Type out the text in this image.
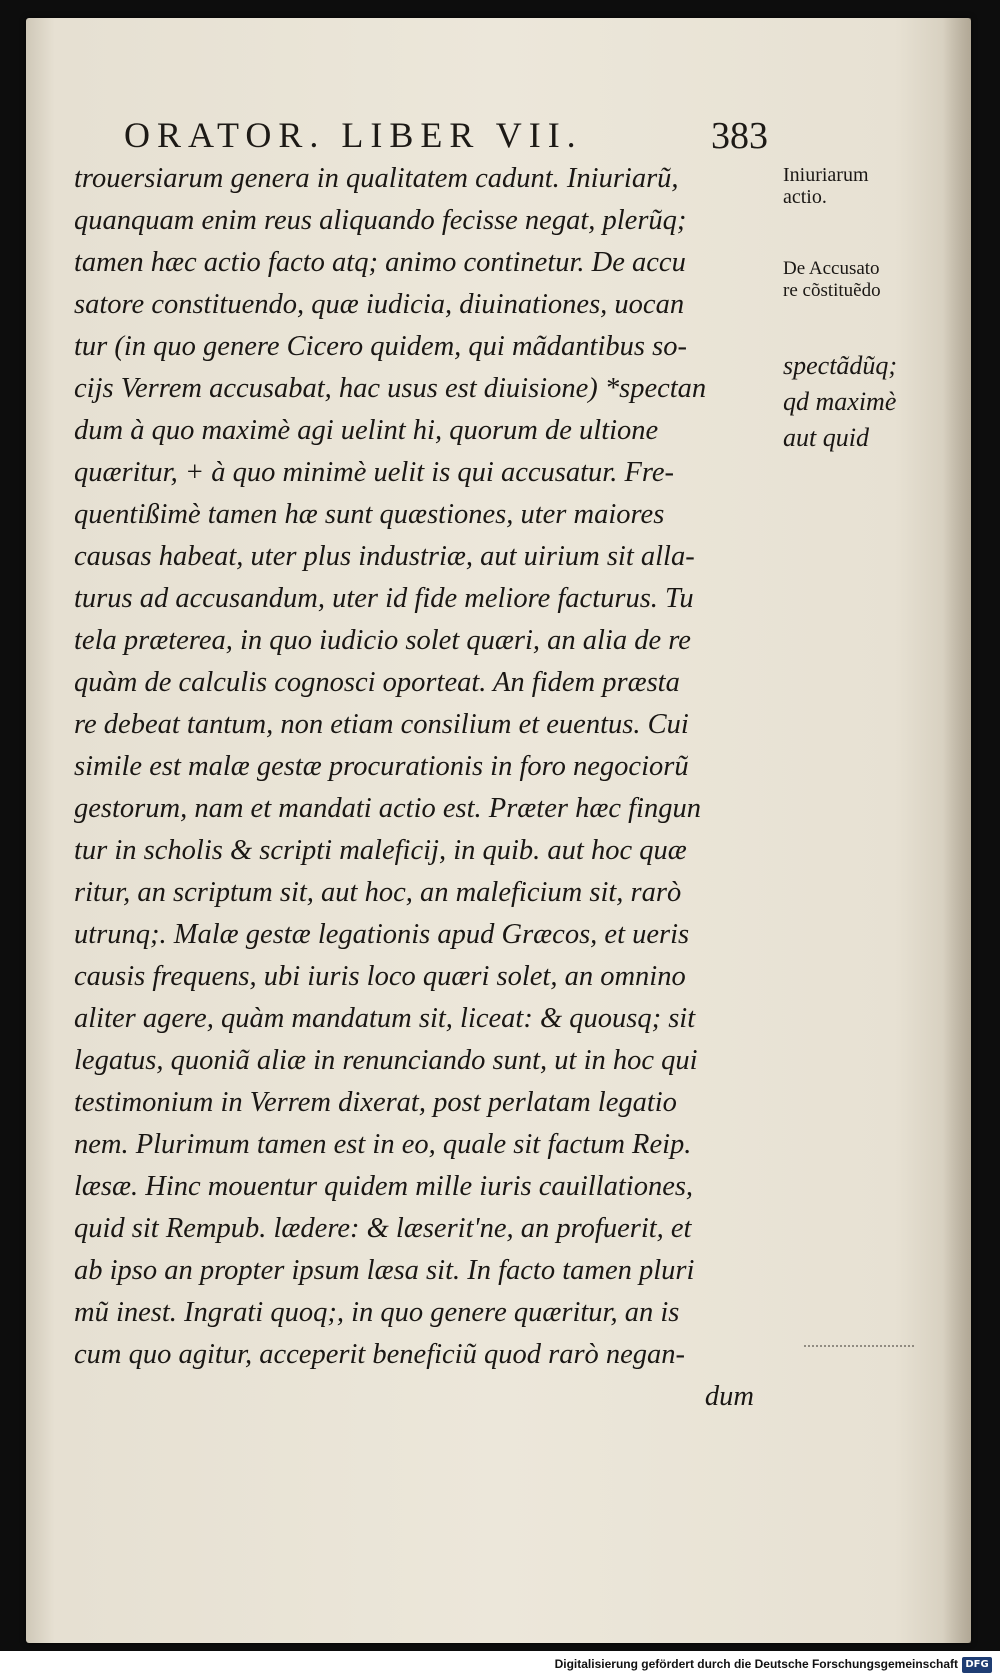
ORATOR. LIBER VII.	383
trouersiarum genera in qualitatem cadunt. Iniuriarũ,
quanquam enim reus aliquando fecisse negat, plerũq;
tamen hæc actio facto atq; animo continetur. De accu
satore constituendo, quæ iudicia, diuinationes, uocan
tur (in quo genere Cicero quidem, qui mãdantibus so-
cijs Verrem accusabat, hac usus est diuisione) *spectan
dum à quo maximè agi uelint hi, quorum de ultione
quæritur, + à quo minimè uelit is qui accusatur. Fre-
quentißimè tamen hæ sunt quæstiones, uter maiores
causas habeat, uter plus industriæ, aut uirium sit alla-
turus ad accusandum, uter id fide meliore facturus. Tu
tela præterea, in quo iudicio solet quæri, an alia de re
quàm de calculis cognosci oporteat. An fidem præsta
re debeat tantum, non etiam consilium et euentus. Cui
simile est malæ gestæ procurationis in foro negociorũ
gestorum, nam et mandati actio est. Præter hæc fingun
tur in scholis & scripti maleficij, in quib. aut hoc quæ
ritur, an scriptum sit, aut hoc, an maleficium sit, rarò
utrunq;. Malæ gestæ legationis apud Græcos, et ueris
causis frequens, ubi iuris loco quæri solet, an omnino
aliter agere, quàm mandatum sit, liceat: & quousq; sit
legatus, quoniã aliæ in renunciando sunt, ut in hoc qui
testimonium in Verrem dixerat, post perlatam legatio
nem. Plurimum tamen est in eo, quale sit factum Reip.
læsæ. Hinc mouentur quidem mille iuris cauillationes,
quid sit Rempub. lædere: & læserit'ne, an profuerit, et
ab ipso an propter ipsum læsa sit. In facto tamen pluri
mũ inest. Ingrati quoq;, in quo genere quæritur, an is
cum quo agitur, acceperit beneficiũ quod rarò negan-
dum
Iniuriarum
actio.
De Accusato
re cõstituẽdo
spectãdũq;
qd maximè
aut quid
Digitalisierung gefördert durch die Deutsche Forschungsgemeinschaft DFG
